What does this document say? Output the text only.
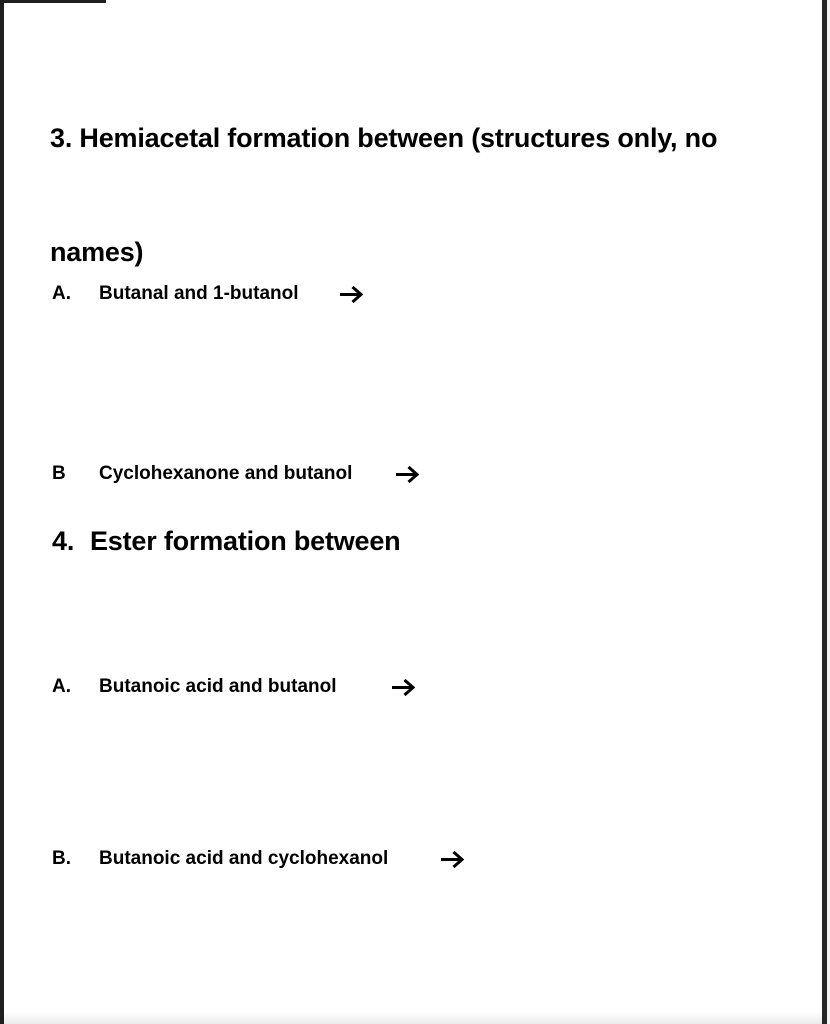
3. Hemiacetal formation between (structures only, no

names)

A.	Butanal and 1-butanol
B	Cyclohexanone and butanol
4. Ester formation between
A.	Butanoic acid and butanol
B.	Butanoic acid and cyclohexanol
